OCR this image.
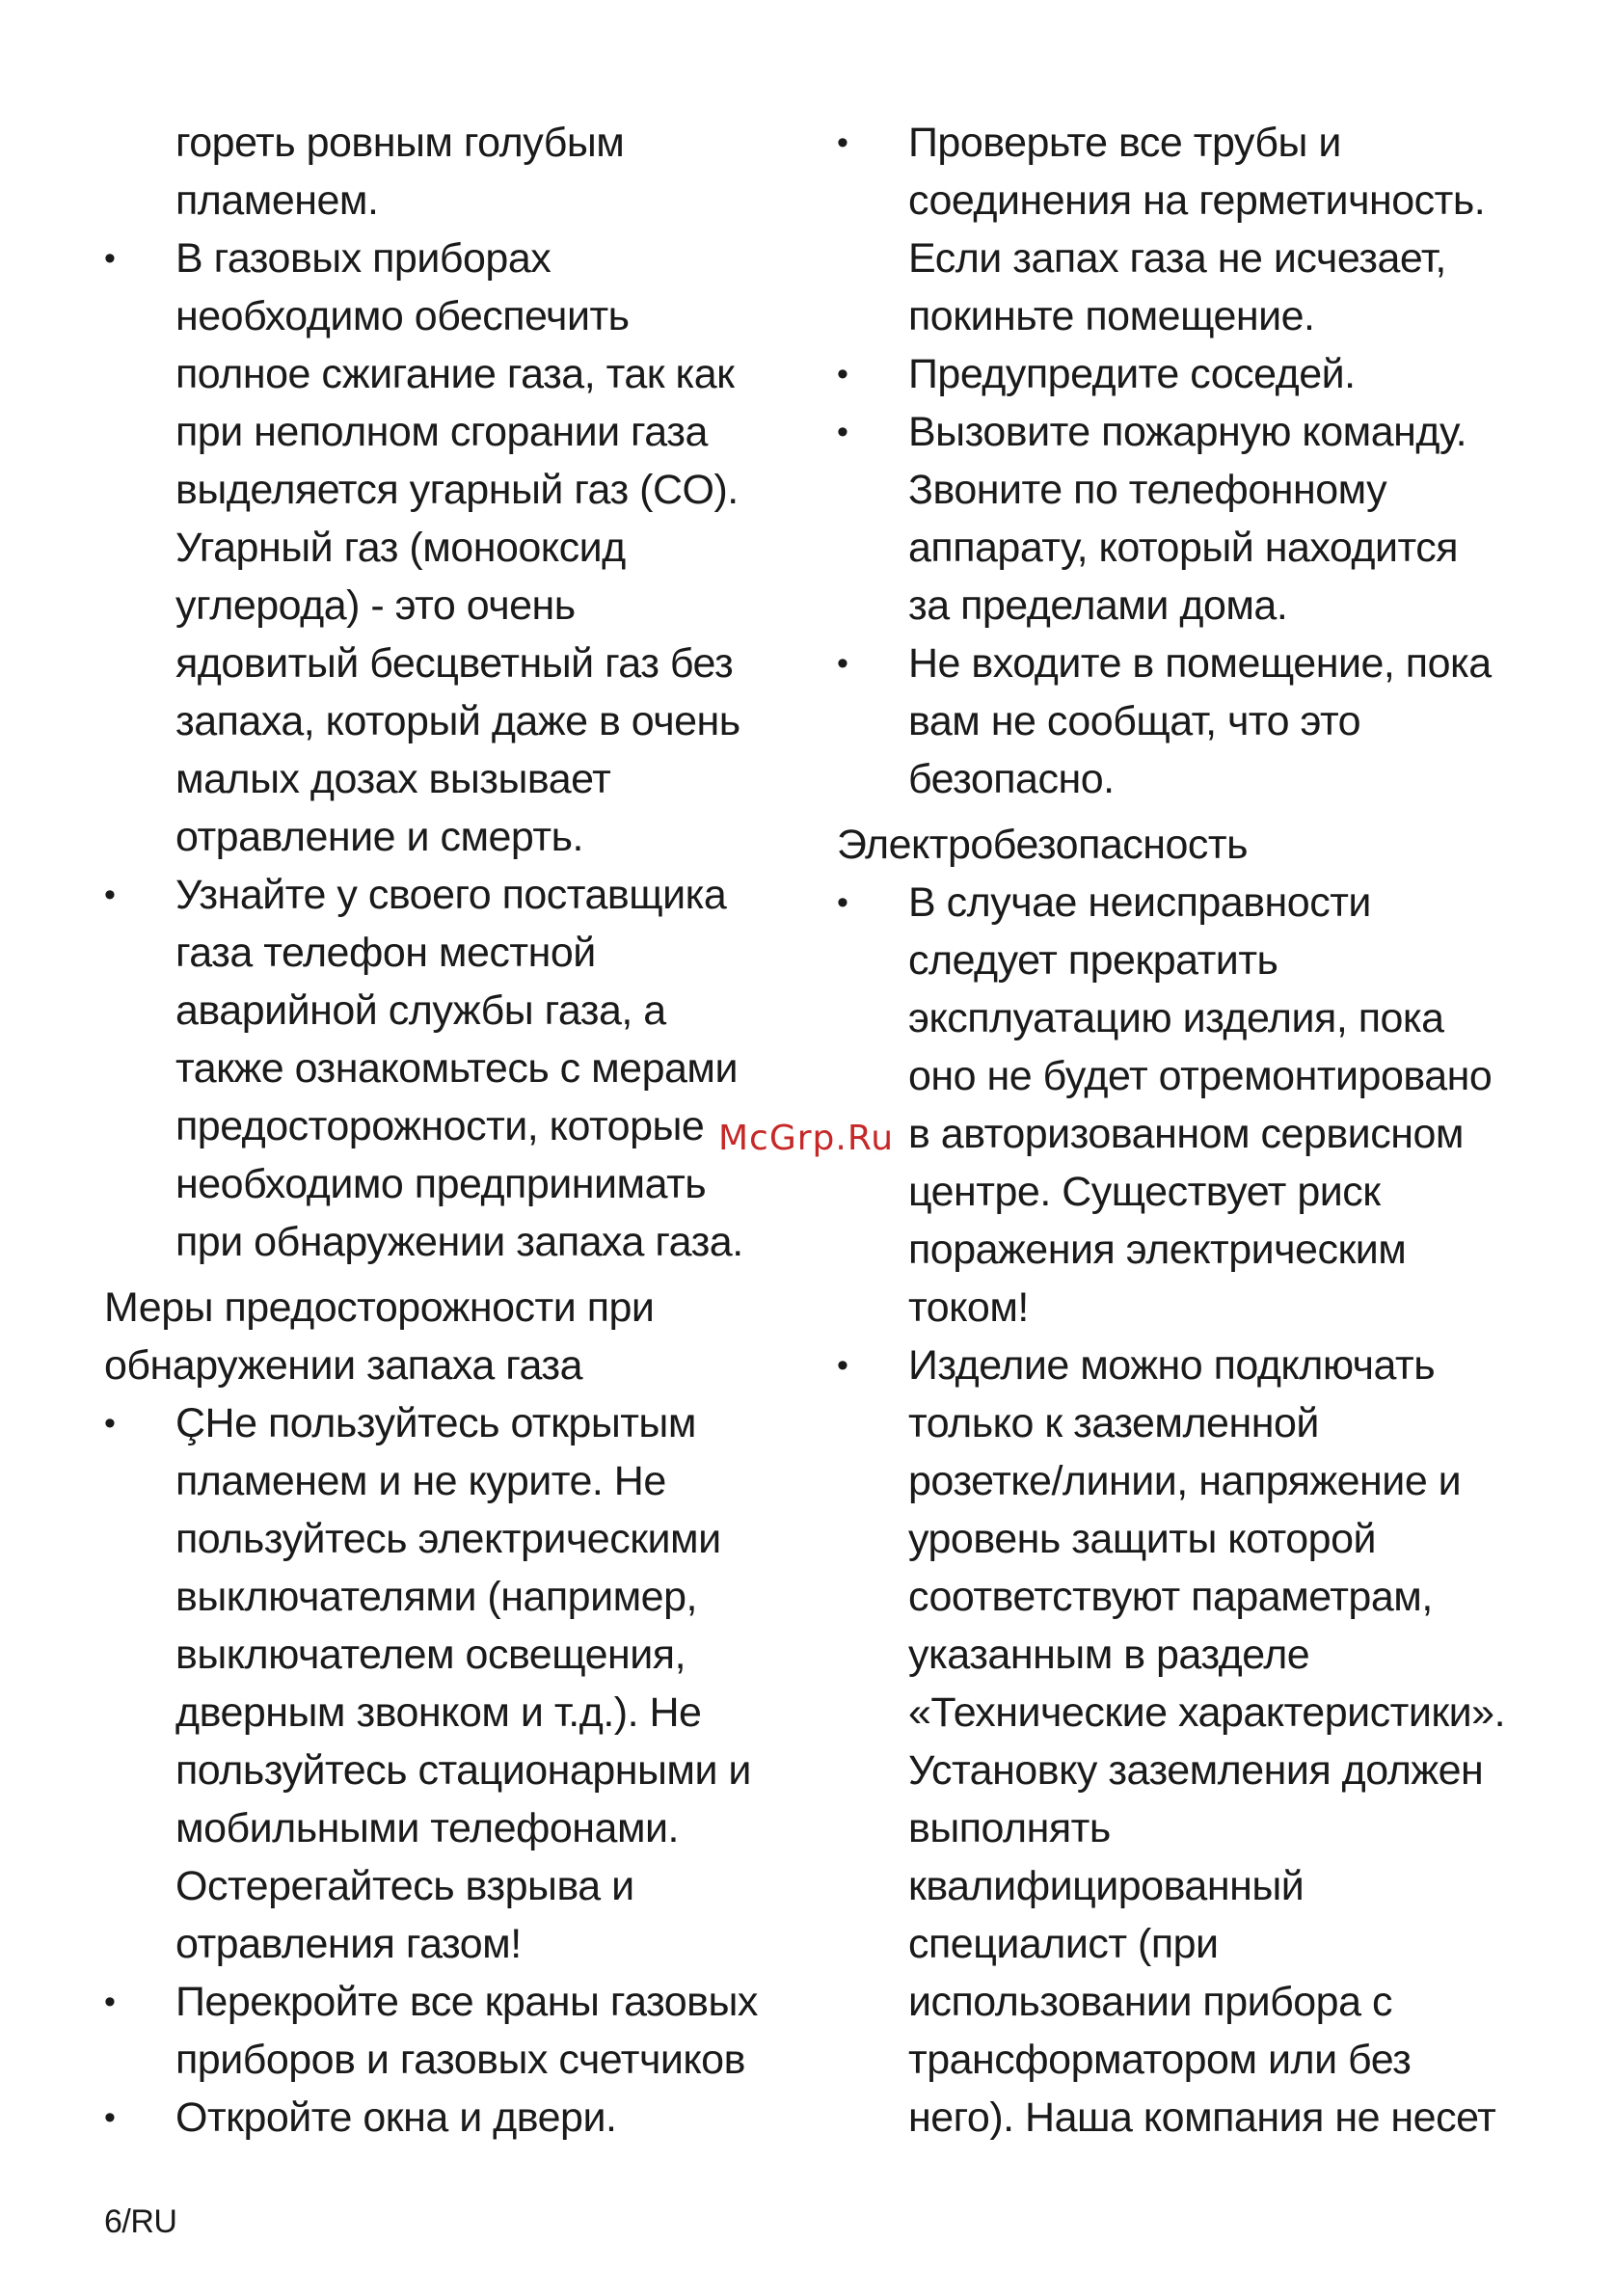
гореть ровным голубым
пламенем.
• В газовых приборах
необходимо обеспечить
полное сжигание газа, так как
при неполном сгорании газа
выделяется угарный газ (CO).
Угарный газ (монооксид
углерода) - это очень
ядовитый бесцветный газ без
запаха, который даже в очень
малых дозах вызывает
отравление и смерть.
• Узнайте у своего поставщика
газа телефон местной
аварийной службы газа, а
также ознакомьтесь с мерами
предосторожности, которые
необходимо предпринимать
при обнаружении запаха газа.
Меры предосторожности при
обнаружении запаха газа
• ÇНе пользуйтесь открытым
пламенем и не курите. Не
пользуйтесь электрическими
выключателями (например,
выключателем освещения,
дверным звонком и т.д.). Не
пользуйтесь стационарными и
мобильными телефонами.
Остерегайтесь взрыва и
отравления газом!
• Перекройте все краны газовых
приборов и газовых счетчиков
• Откройте окна и двери.
• Проверьте все трубы и
соединения на герметичность.
Если запах газа не исчезает,
покиньте помещение.
• Предупредите соседей.
• Вызовите пожарную команду.
Звоните по телефонному
аппарату, который находится
за пределами дома.
• Не входите в помещение, пока
вам не сообщат, что это
безопасно.
Электробезопасность
• В случае неисправности
следует прекратить
эксплуатацию изделия, пока
оно не будет отремонтировано
в авторизованном сервисном
центре. Существует риск
поражения электрическим
током!
• Изделие можно подключать
только к заземленной
розетке/линии, напряжение и
уровень защиты которой
соответствуют параметрам,
указанным в разделе
«Технические характеристики».
Установку заземления должен
выполнять
квалифицированный
специалист (при
использовании прибора с
трансформатором или без
него). Наша компания не несет
McGrp.Ru
6/RU
